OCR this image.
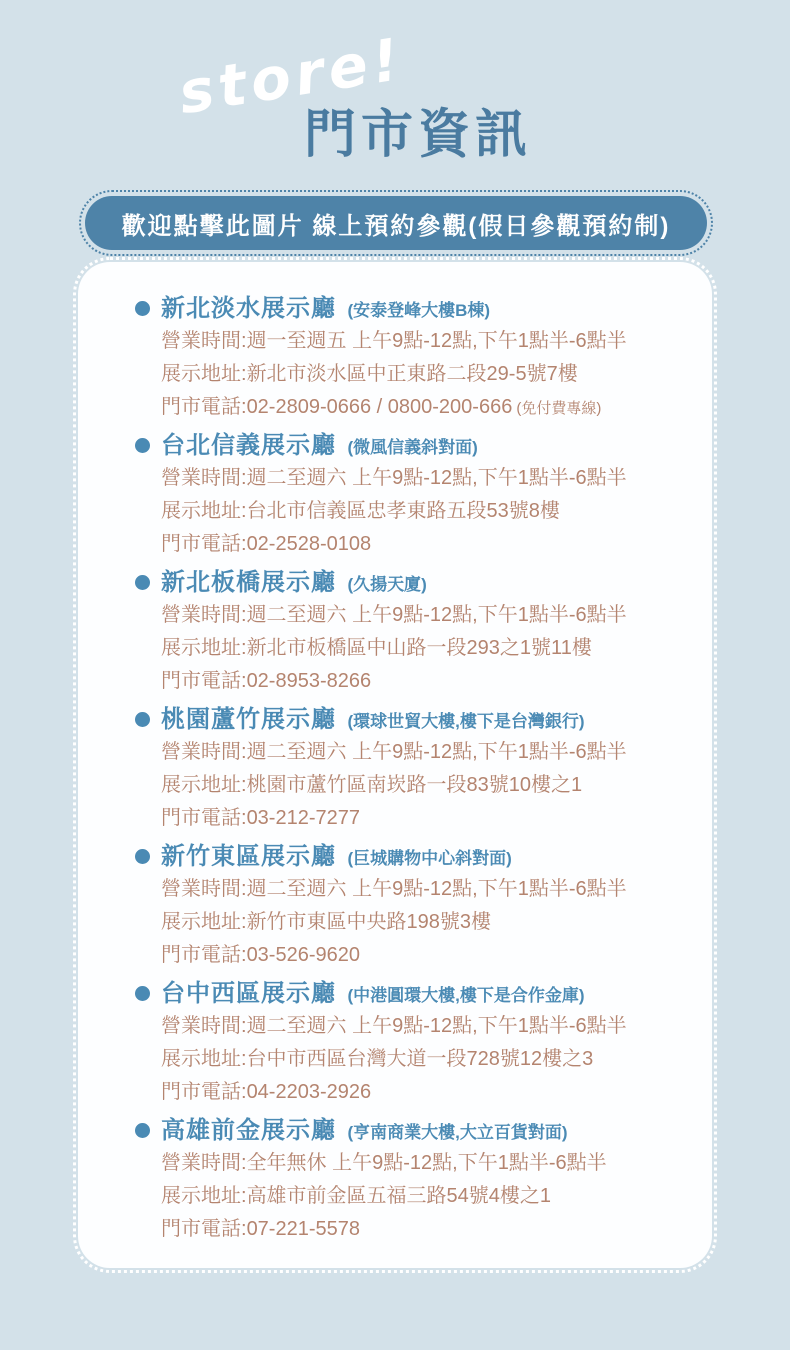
store!
門市資訊
歡迎點擊此圖片 線上預約參觀(假日參觀預約制)
新北淡水展示廳 (安泰登峰大樓B棟)
營業時間:週一至週五 上午9點-12點,下午1點半-6點半
展示地址:新北市淡水區中正東路二段29-5號7樓
門市電話:02-2809-0666 / 0800-200-666 (免付費專線)
台北信義展示廳 (微風信義斜對面)
營業時間:週二至週六 上午9點-12點,下午1點半-6點半
展示地址:台北市信義區忠孝東路五段53號8樓
門市電話:02-2528-0108
新北板橋展示廳 (久揚天廈)
營業時間:週二至週六 上午9點-12點,下午1點半-6點半
展示地址:新北市板橋區中山路一段293之1號11樓
門市電話:02-8953-8266
桃園蘆竹展示廳 (環球世貿大樓,樓下是台灣銀行)
營業時間:週二至週六 上午9點-12點,下午1點半-6點半
展示地址:桃園市蘆竹區南崁路一段83號10樓之1
門市電話:03-212-7277
新竹東區展示廳 (巨城購物中心斜對面)
營業時間:週二至週六 上午9點-12點,下午1點半-6點半
展示地址:新竹市東區中央路198號3樓
門市電話:03-526-9620
台中西區展示廳 (中港圓環大樓,樓下是合作金庫)
營業時間:週二至週六 上午9點-12點,下午1點半-6點半
展示地址:台中市西區台灣大道一段728號12樓之3
門市電話:04-2203-2926
高雄前金展示廳 (亨南商業大樓,大立百貨對面)
營業時間:全年無休 上午9點-12點,下午1點半-6點半
展示地址:高雄市前金區五福三路54號4樓之1
門市電話:07-221-5578
